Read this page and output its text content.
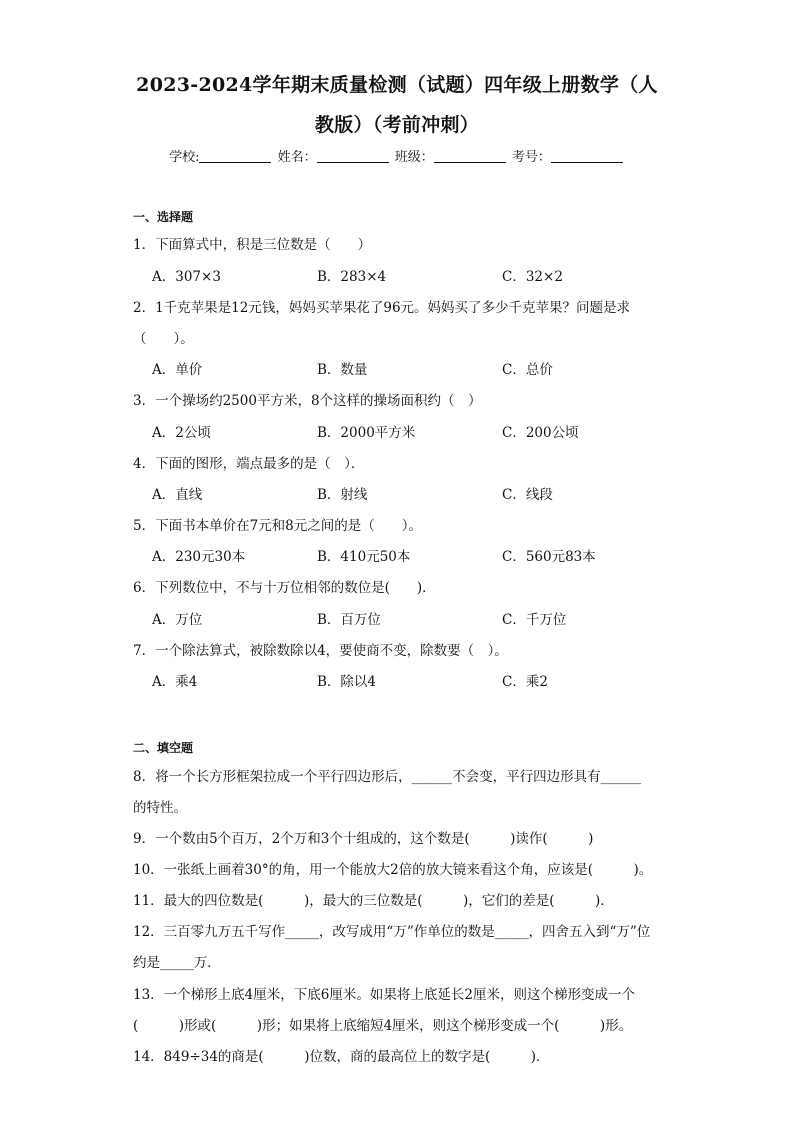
2023-2024学年期末质量检测（试题）四年级上册数学（人
教版）（考前冲刺）
学校:	姓名：	班级：	考号：
一、选择题
1．下面算式中，积是三位数是（　　）
A．307×3	B．283×4	C．32×2
2．1千克苹果是12元钱，妈妈买苹果花了96元。妈妈买了多少千克苹果？问题是求
（　　）。
A．单价	B．数量	C．总价
3．一个操场约2500平方米，8个这样的操场面积约（　）
A．2公顷	B．2000平方米	C．200公顷
4．下面的图形，端点最多的是（　）．
A．直线	B．射线	C．线段
5．下面书本单价在7元和8元之间的是（　　）。
A．230元30本	B．410元50本	C．560元83本
6．下列数位中，不与十万位相邻的数位是(　　)．
A．万位	B．百万位	C．千万位
7．一个除法算式，被除数除以4，要使商不变，除数要（　）。
A．乘4	B．除以4	C．乘2
二、填空题
8．将一个长方形框架拉成一个平行四边形后，______不会变，平行四边形具有______
的特性。
9．一个数由5个百万，2个万和3个十组成的，这个数是(　　　)读作(　　　)
10．一张纸上画着30°的角，用一个能放大2倍的放大镜来看这个角，应该是(　　　)。
11．最大的四位数是(　　　)，最大的三位数是(　　　)，它们的差是(　　　)．
12．三百零九万五千写作_____，改写成用“万”作单位的数是_____，四舍五入到“万”位
约是_____万．
13．一个梯形上底4厘米，下底6厘米。如果将上底延长2厘米，则这个梯形变成一个
(　　　)形或(　　　)形；如果将上底缩短4厘米，则这个梯形变成一个(　　　)形。
14．849÷34的商是(　　　)位数，商的最高位上的数字是(　　　)．
